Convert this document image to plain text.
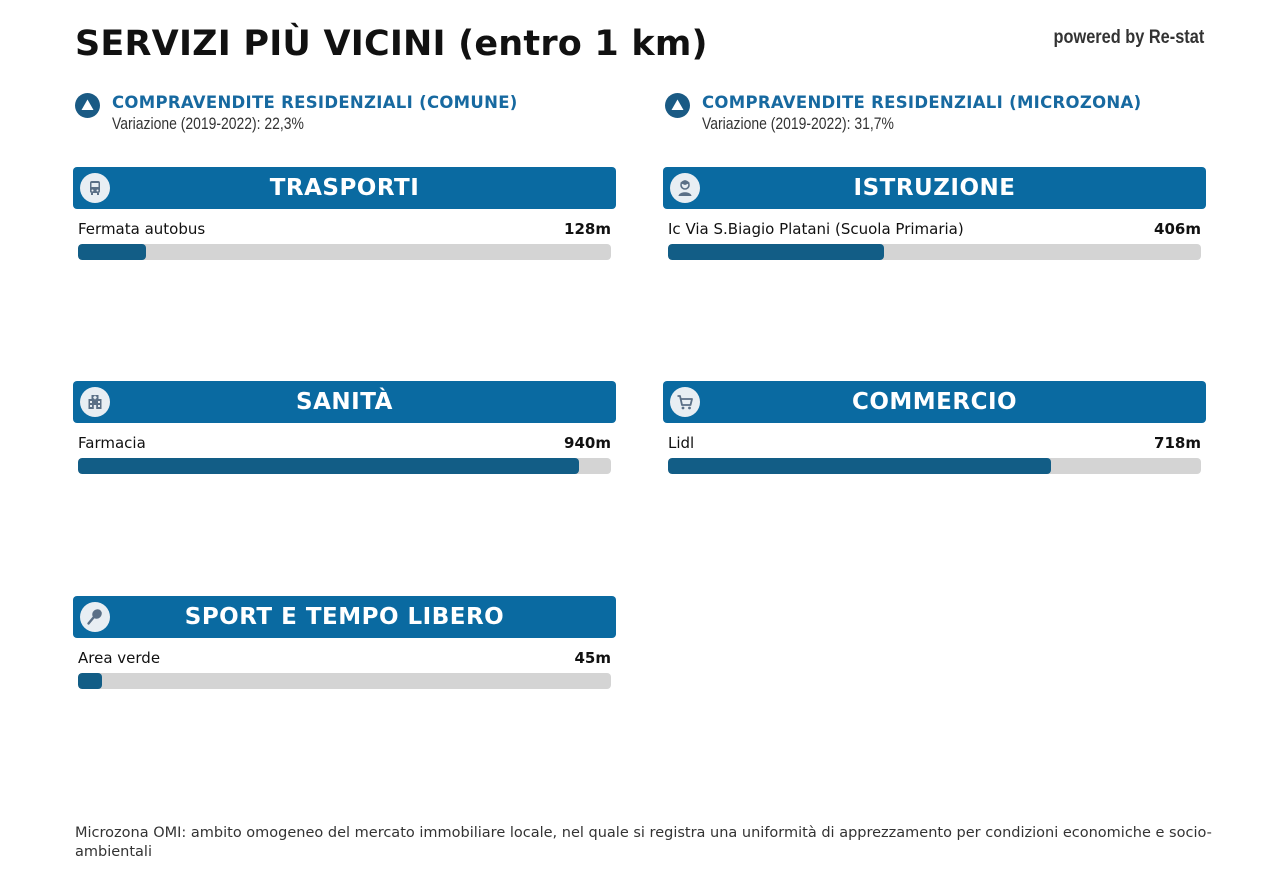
SERVIZI PIÙ VICINI (entro 1 km)	powered by Re-stat
COMPRAVENDITE RESIDENZIALI (COMUNE)
Variazione (2019-2022): 22,3%
COMPRAVENDITE RESIDENZIALI (MICROZONA)
Variazione (2019-2022): 31,7%
TRASPORTI
Fermata autobus	128m
ISTRUZIONE
Ic Via S.Biagio Platani (Scuola Primaria)	406m
SANITÀ
Farmacia	940m
COMMERCIO
Lidl	718m
SPORT E TEMPO LIBERO
Area verde	45m
Microzona OMI: ambito omogeneo del mercato immobiliare locale, nel quale si registra una uniformità di apprezzamento per condizioni economiche e socio-ambientali
